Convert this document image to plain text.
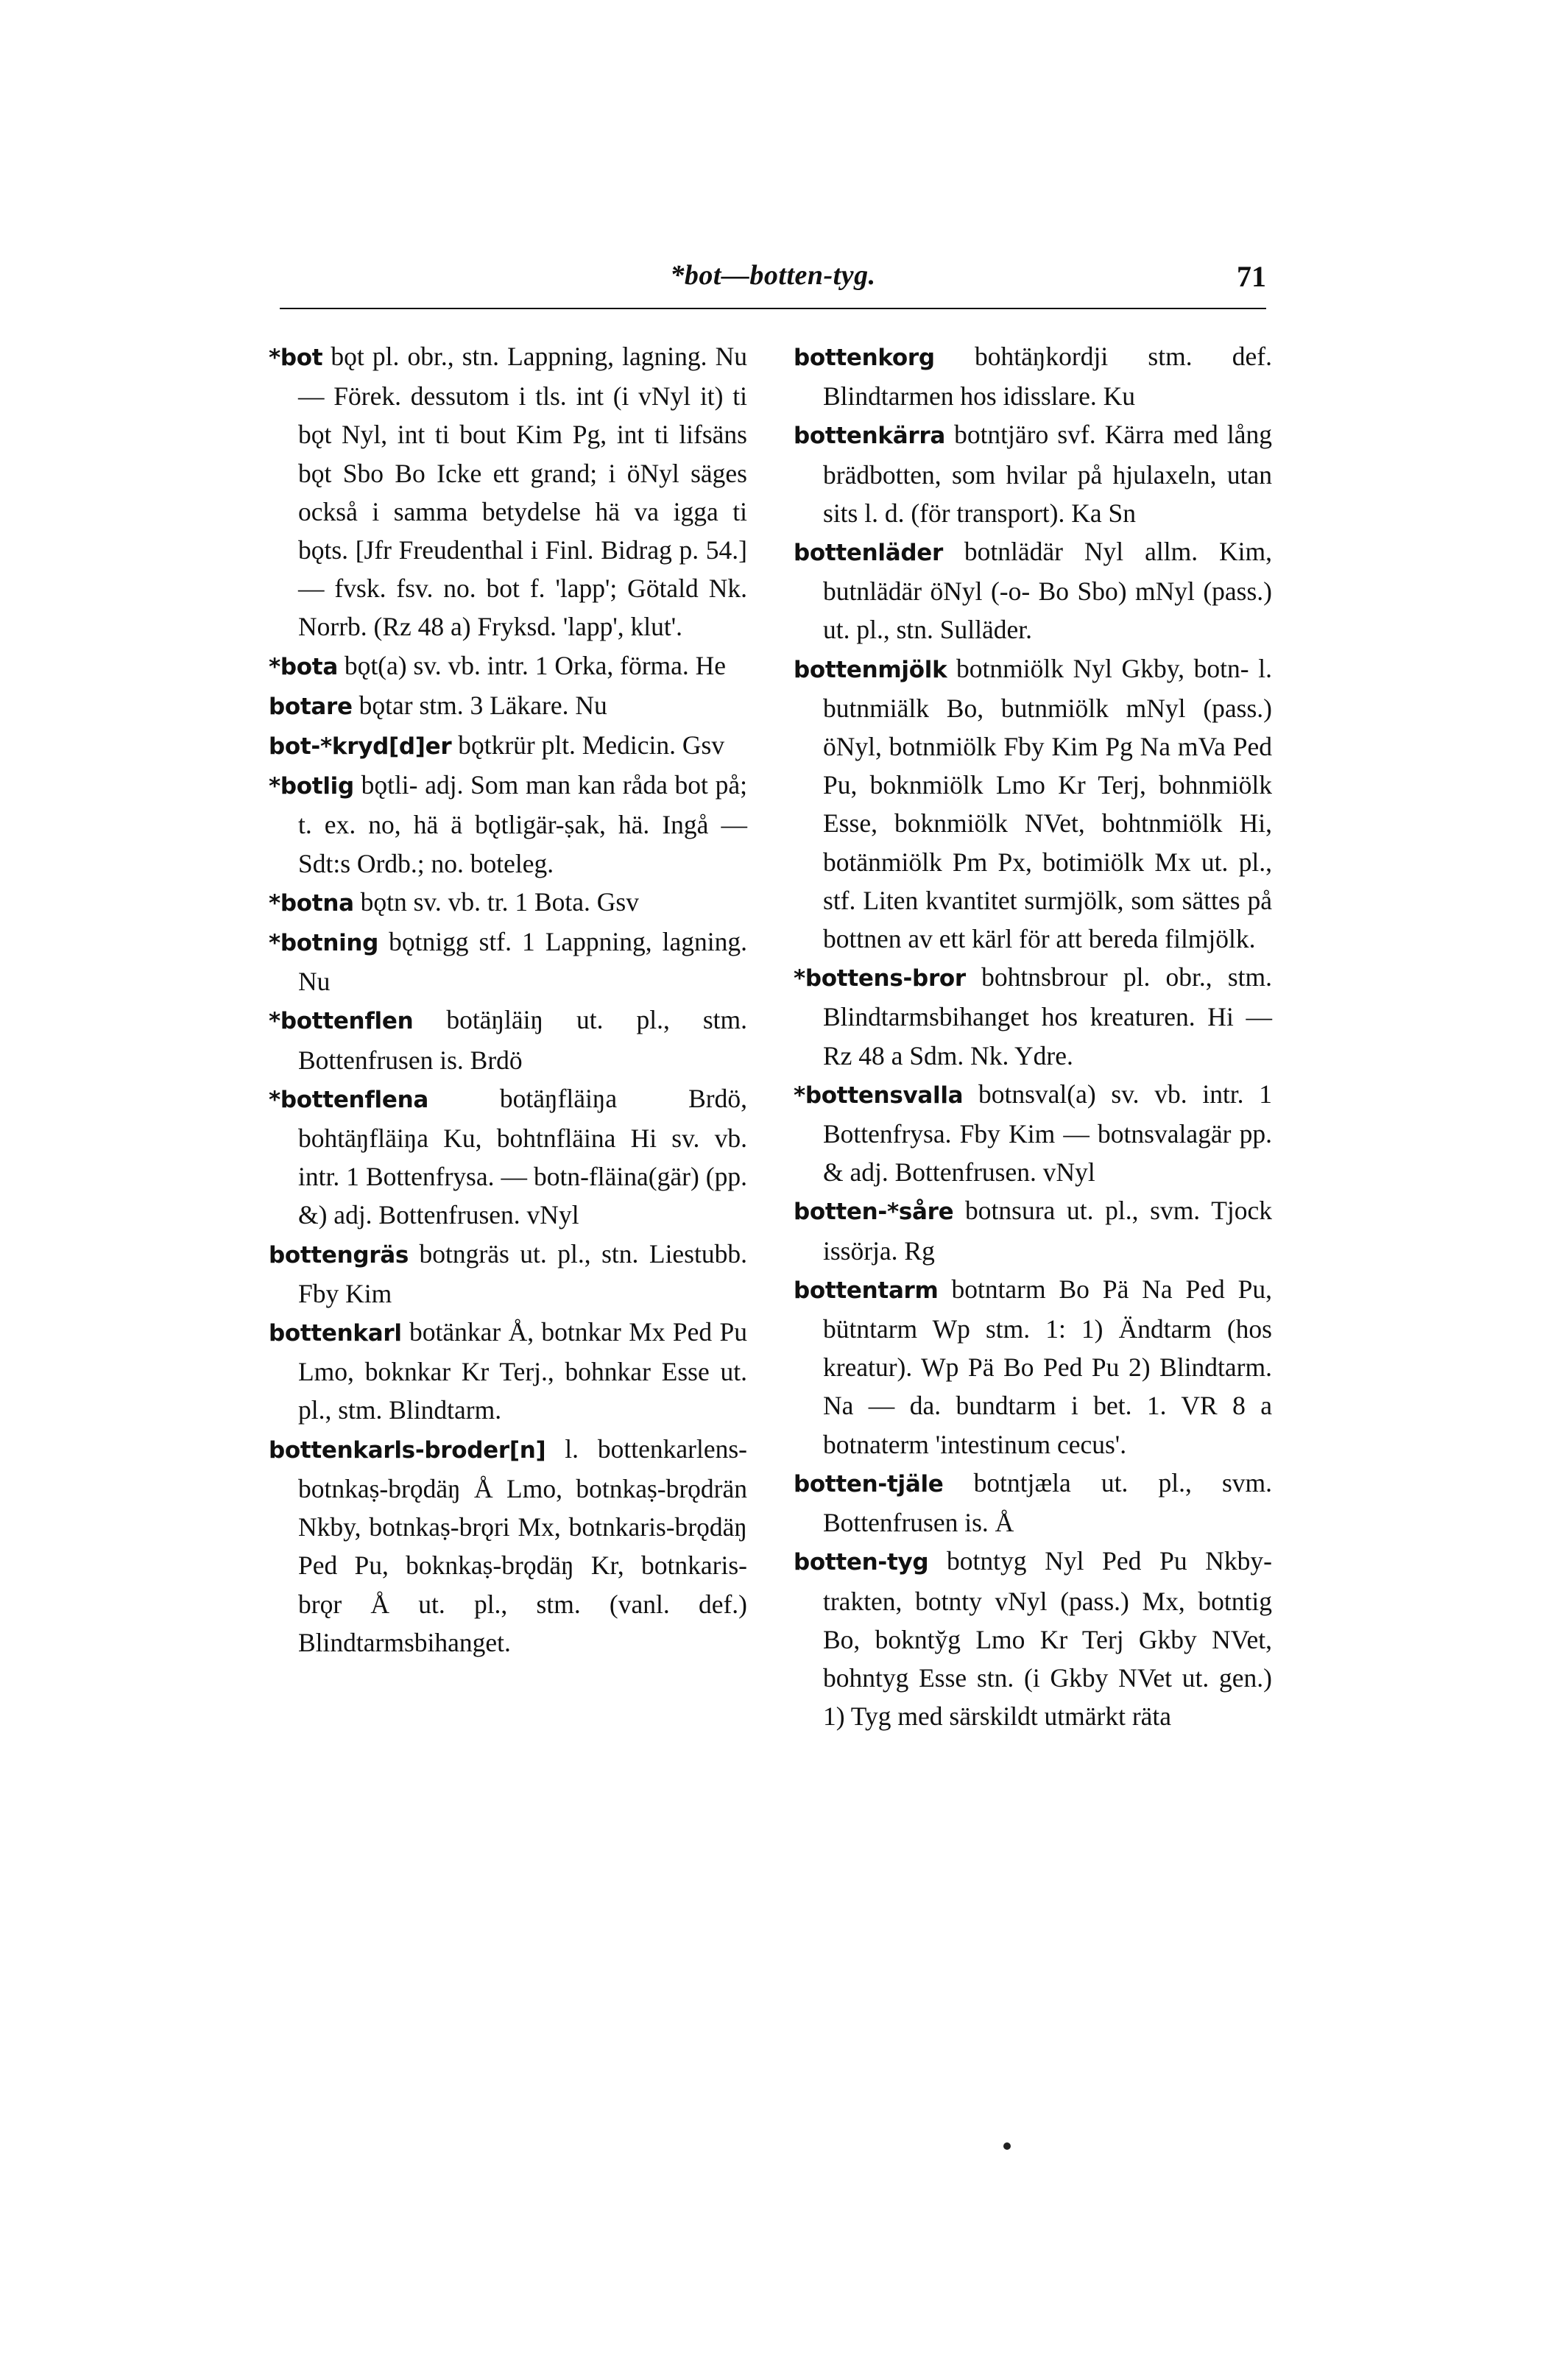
*bot—botten-tyg.	71

*bot bǫt pl. obr., stn. Lappning, lagning. Nu — Förek. dessutom i tls. int (i vNyl it) ti bǫt Nyl, int ti bout Kim Pg, int ti lifsäns bǫt Sbo Bo Icke ett grand; i öNyl säges också i samma betydelse hä va igga ti bǫts. [Jfr Freudenthal i Finl. Bidrag p. 54.] — fvsk. fsv. no. bot f. 'lapp'; Götald Nk. Norrb. (Rz 48 a) Fryksd. 'lapp', klut'.

*bota bǫt(a) sv. vb. intr. 1 Orka, förma. He

botare bǫtar stm. 3 Läkare. Nu

bot-*kryd[d]er bǫtkrür plt. Medicin. Gsv

*botlig bǫtli- adj. Som man kan råda bot på; t. ex. no, hä ä bǫtligär-ṣak, hä. Ingå — Sdt:s Ordb.; no. boteleg.

*botna bǫtn sv. vb. tr. 1 Bota. Gsv

*botning bǫtnigg stf. 1 Lappning, lagning. Nu

*bottenflen botäŋläiŋ ut. pl., stm. Bottenfrusen is. Brdö

*bottenflena botäŋfläiŋa Brdö, bohtäŋfläiŋa Ku, bohtnfläina Hi sv. vb. intr. 1 Bottenfrysa. — botn-fläina(gär) (pp. &) adj. Bottenfrusen. vNyl

bottengräs botngräs ut. pl., stn. Liestubb. Fby Kim

bottenkarl botänkar Å, botnkar Mx Ped Pu Lmo, boknkar Kr Terj., bohnkar Esse ut. pl., stm. Blindtarm.

bottenkarls-broder[n] l. bottenkarlens- botnkaṣ-brǫdäŋ Å Lmo, botnkaṣ-brǫdrän Nkby, botnkaṣ-brǫri Mx, botnkaris-brǫdäŋ Ped Pu, boknkaṣ-brǫdäŋ Kr, botnkaris-brǫr Å ut. pl., stm. (vanl. def.) Blindtarmsbihanget.

bottenkorg bohtäŋkordji stm. def. Blindtarmen hos idisslare. Ku

bottenkärra botntjäro svf. Kärra med lång brädbotten, som hvilar på hjulaxeln, utan sits l. d. (för transport). Ka Sn

bottenläder botnlädär Nyl allm. Kim, butnlädär öNyl (-o- Bo Sbo) mNyl (pass.) ut. pl., stn. Sulläder.

bottenmjölk botnmiölk Nyl Gkby, botn- l. butnmiälk Bo, butnmiölk mNyl (pass.) öNyl, botnmiölk Fby Kim Pg Na mVa Ped Pu, boknmiölk Lmo Kr Terj, bohnmiölk Esse, boknmiölk NVet, bohtnmiölk Hi, botänmiölk Pm Px, botimiölk Mx ut. pl., stf. Liten kvantitet surmjölk, som sättes på bottnen av ett kärl för att bereda filmjölk.

*bottens-bror bohtnsbrour pl. obr., stm. Blindtarmsbihanget hos kreaturen. Hi — Rz 48 a Sdm. Nk. Ydre.

*bottensvalla botnsval(a) sv. vb. intr. 1 Bottenfrysa. Fby Kim — botnsvalagär pp. & adj. Bottenfrusen. vNyl

botten-*såre botnsura ut. pl., svm. Tjock issörja. Rg

bottentarm botntarm Bo Pä Na Ped Pu, bütntarm Wp stm. 1: 1) Ändtarm (hos kreatur). Wp Pä Bo Ped Pu 2) Blindtarm. Na — da. bundtarm i bet. 1. VR 8 a botnaterm 'intestinum cecus'.

botten-tjäle botntjæla ut. pl., svm. Bottenfrusen is. Å

botten-tyg botntyg Nyl Ped Pu Nkby-trakten, botnty vNyl (pass.) Mx, botntig Bo, boknty̆g Lmo Kr Terj Gkby NVet, bohntyg Esse stn. (i Gkby NVet ut. gen.) 1) Tyg med särskildt utmärkt räta
